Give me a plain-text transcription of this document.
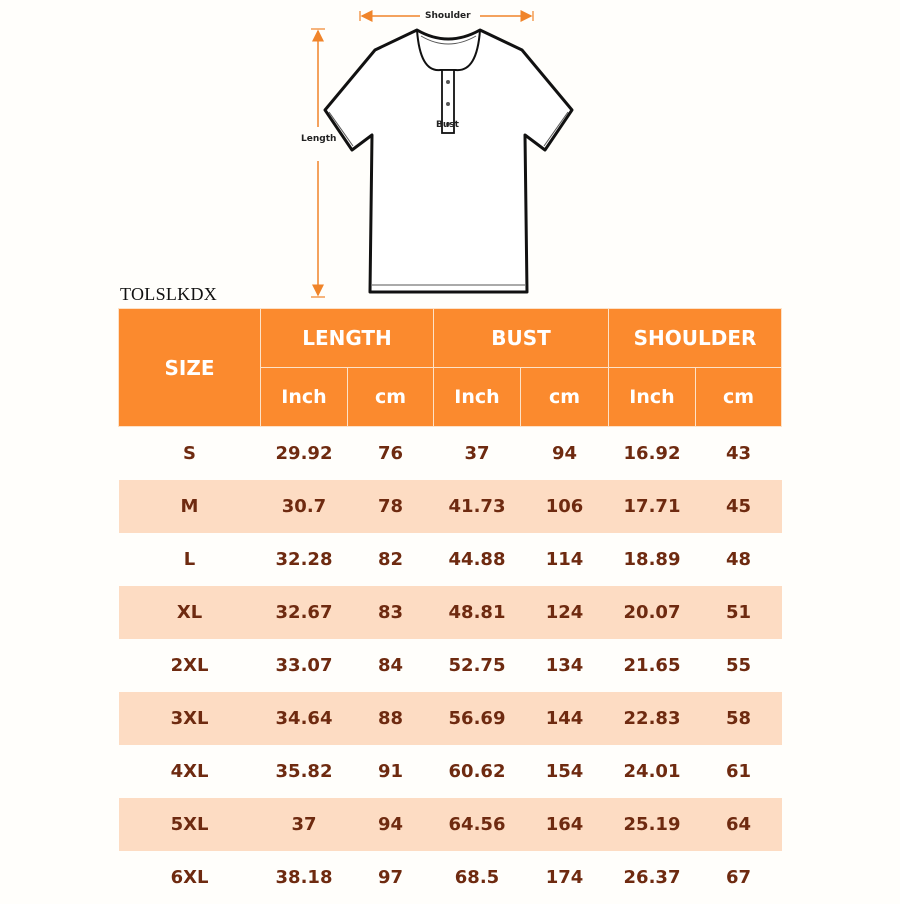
Shoulder
Length
Bust
TOLSLKDX
SIZE	LENGTH		BUST		SHOULDER	
	Inch	cm	Inch	cm	Inch	cm
S	29.92	76	37	94	16.92	43
M	30.7	78	41.73	106	17.71	45
L	32.28	82	44.88	114	18.89	48
XL	32.67	83	48.81	124	20.07	51
2XL	33.07	84	52.75	134	21.65	55
3XL	34.64	88	56.69	144	22.83	58
4XL	35.82	91	60.62	154	24.01	61
5XL	37	94	64.56	164	25.19	64
6XL	38.18	97	68.5	174	26.37	67
